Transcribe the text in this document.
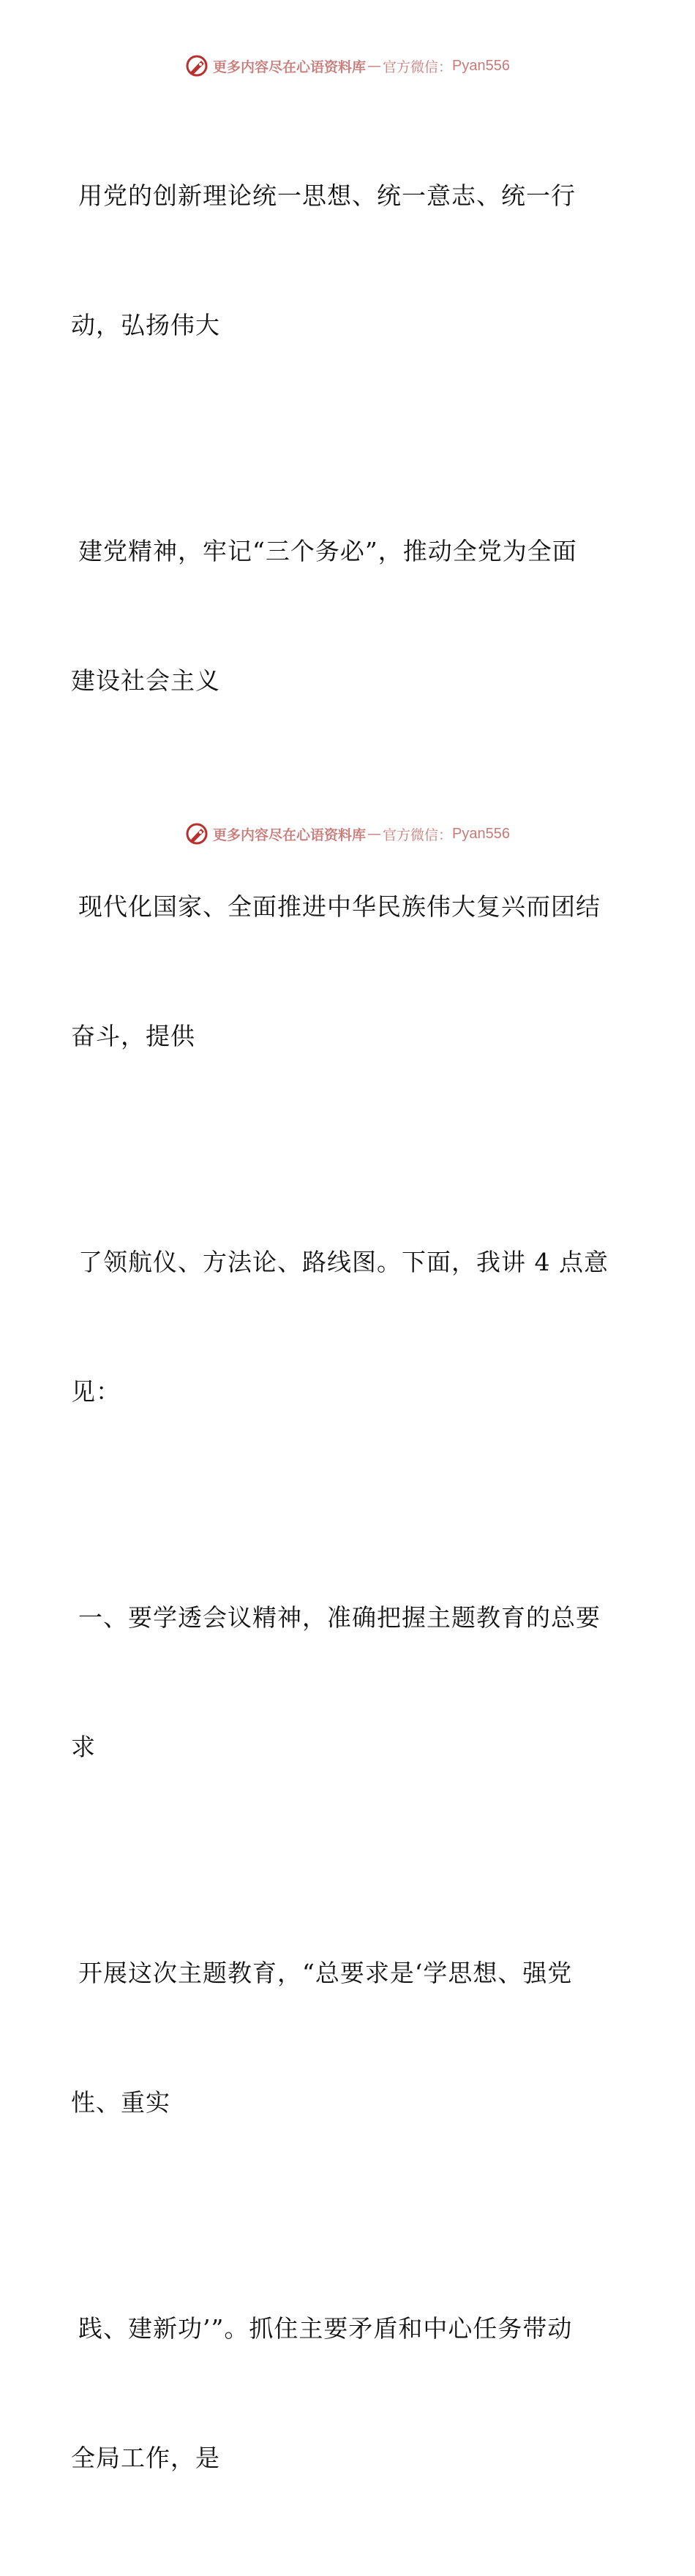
更多内容尽在心语资料库 — 官方微信： Pyan556

用党的创新理论统一思想、统一意志、统一行

动，弘扬伟大

建党精神，牢记“三个务必”，推动全党为全面

建设社会主义

现代化国家、全面推进中华民族伟大复兴而团结

奋斗，提供

了领航仪、方法论、路线图。下面，我讲 4 点意

见：

一、要学透会议精神，准确把握主题教育的总要

求

开展这次主题教育，“总要求是‘学思想、强党

性、重实

践、建新功’”。抓住主要矛盾和中心任务带动

全局工作，是

更多内容尽在心语资料库 — 官方微信： Pyan556
